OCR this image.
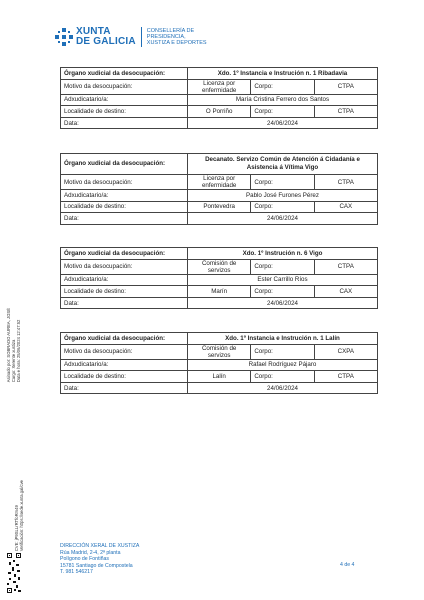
XUNTA
DE GALICIA
CONSELLERÍA DE
PRESIDENCIA,
XUSTIZA E DEPORTES
Órgano xudicial da desocupación:	Xdo. 1º Instancia e Instrución n. 1 Ribadavia		
Motivo da desocupación:	Licenza por enfermidade	Corpo:	CTPA
Adxudicatario/a:	María Cristina Ferrero dos Santos		
Localidade de destino:	O Porriño	Corpo:	CTPA
Data:	24/06/2024		
Órgano xudicial da desocupación:	Decanato. Servizo Común de Atención á Cidadanía e Asistencia á Vítima Vigo		
Motivo da desocupación:	Licenza por enfermidade	Corpo:	CTPA
Adxudicatario/a:	Pablo José Furones Pérez		
Localidade de destino:	Pontevedra	Corpo:	CAX
Data:	24/06/2024		
Órgano xudicial da desocupación:	Xdo. 1º Instrución n. 6 Vigo		
Motivo da desocupación:	Comisión de servizos	Corpo:	CTPA
Adxudicatario/a:	Ester Carrillo Ríos		
Localidade de destino:	Marín	Corpo:	CAX
Data:	24/06/2024		
Órgano xudicial da desocupación:	Xdo. 1º Instancia e Instrución n. 1 Lalín		
Motivo da desocupación:	Comisión de servizos	Corpo:	CXPA
Adxudicatario/a:	Rafael Rodríguez Pájaro		
Localidade de destino:	Lalín	Corpo:	CTPA
Data:	24/06/2024		
Asinado por: SOBRADO AUREA, JOSÉ Cargo: Xerente xustiza Data e hora: 25/06/2024 12:47:52
CVE: jP9SLLrRTfoRm49 Verificación: https://sede.xunta.gal/cve	DIRECCIÓN XERAL DE XUSTIZA
Rúa Madrid, 2-4, 2ª planta
Polígono de Fontiñas
15781 Santiago de Compostela
T. 981 546217
4 de 4
